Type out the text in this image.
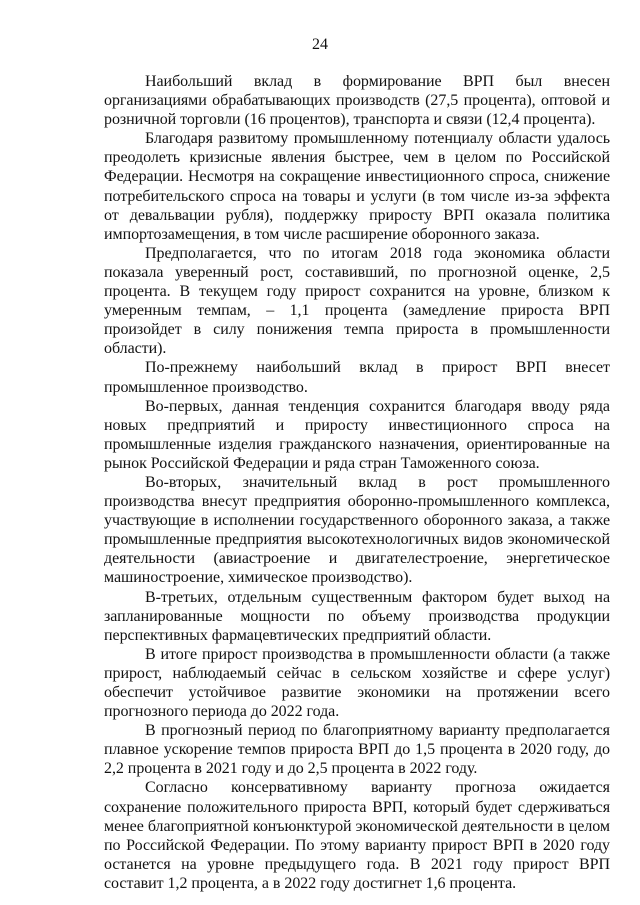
24

Наибольший вклад в формирование ВРП был внесен организациями обрабатывающих производств (27,5 процента), оптовой и розничной торговли (16 процентов), транспорта и связи (12,4 процента).

Благодаря развитому промышленному потенциалу области удалось преодолеть кризисные явления быстрее, чем в целом по Российской Федерации. Несмотря на сокращение инвестиционного спроса, снижение потребительского спроса на товары и услуги (в том числе из-за эффекта от девальвации рубля), поддержку приросту ВРП оказала политика импортозамещения, в том числе расширение оборонного заказа.

Предполагается, что по итогам 2018 года экономика области показала уверенный рост, составивший, по прогнозной оценке, 2,5 процента. В текущем году прирост сохранится на уровне, близком к умеренным темпам, – 1,1 процента (замедление прироста ВРП произойдет в силу понижения темпа прироста в промышленности области).

По-прежнему наибольший вклад в прирост ВРП внесет промышленное производство.

Во-первых, данная тенденция сохранится благодаря вводу ряда новых предприятий и приросту инвестиционного спроса на промышленные изделия гражданского назначения, ориентированные на рынок Российской Федерации и ряда стран Таможенного союза.

Во-вторых, значительный вклад в рост промышленного производства внесут предприятия оборонно-промышленного комплекса, участвующие в исполнении государственного оборонного заказа, а также промышленные предприятия высокотехнологичных видов экономической деятельности (авиастроение и двигателестроение, энергетическое машиностроение, химическое производство).

В-третьих, отдельным существенным фактором будет выход на запланированные мощности по объему производства продукции перспективных фармацевтических предприятий области.

В итоге прирост производства в промышленности области (а также прирост, наблюдаемый сейчас в сельском хозяйстве и сфере услуг) обеспечит устойчивое развитие экономики на протяжении всего прогнозного периода до 2022 года.

В прогнозный период по благоприятному варианту предполагается плавное ускорение темпов прироста ВРП до 1,5 процента в 2020 году, до 2,2 процента в 2021 году и до 2,5 процента в 2022 году.

Согласно консервативному варианту прогноза ожидается сохранение положительного прироста ВРП, который будет сдерживаться менее благоприятной конъюнктурой экономической деятельности в целом по Российской Федерации. По этому варианту прирост ВРП в 2020 году останется на уровне предыдущего года. В 2021 году прирост ВРП составит 1,2 процента, а в 2022 году достигнет 1,6 процента.
